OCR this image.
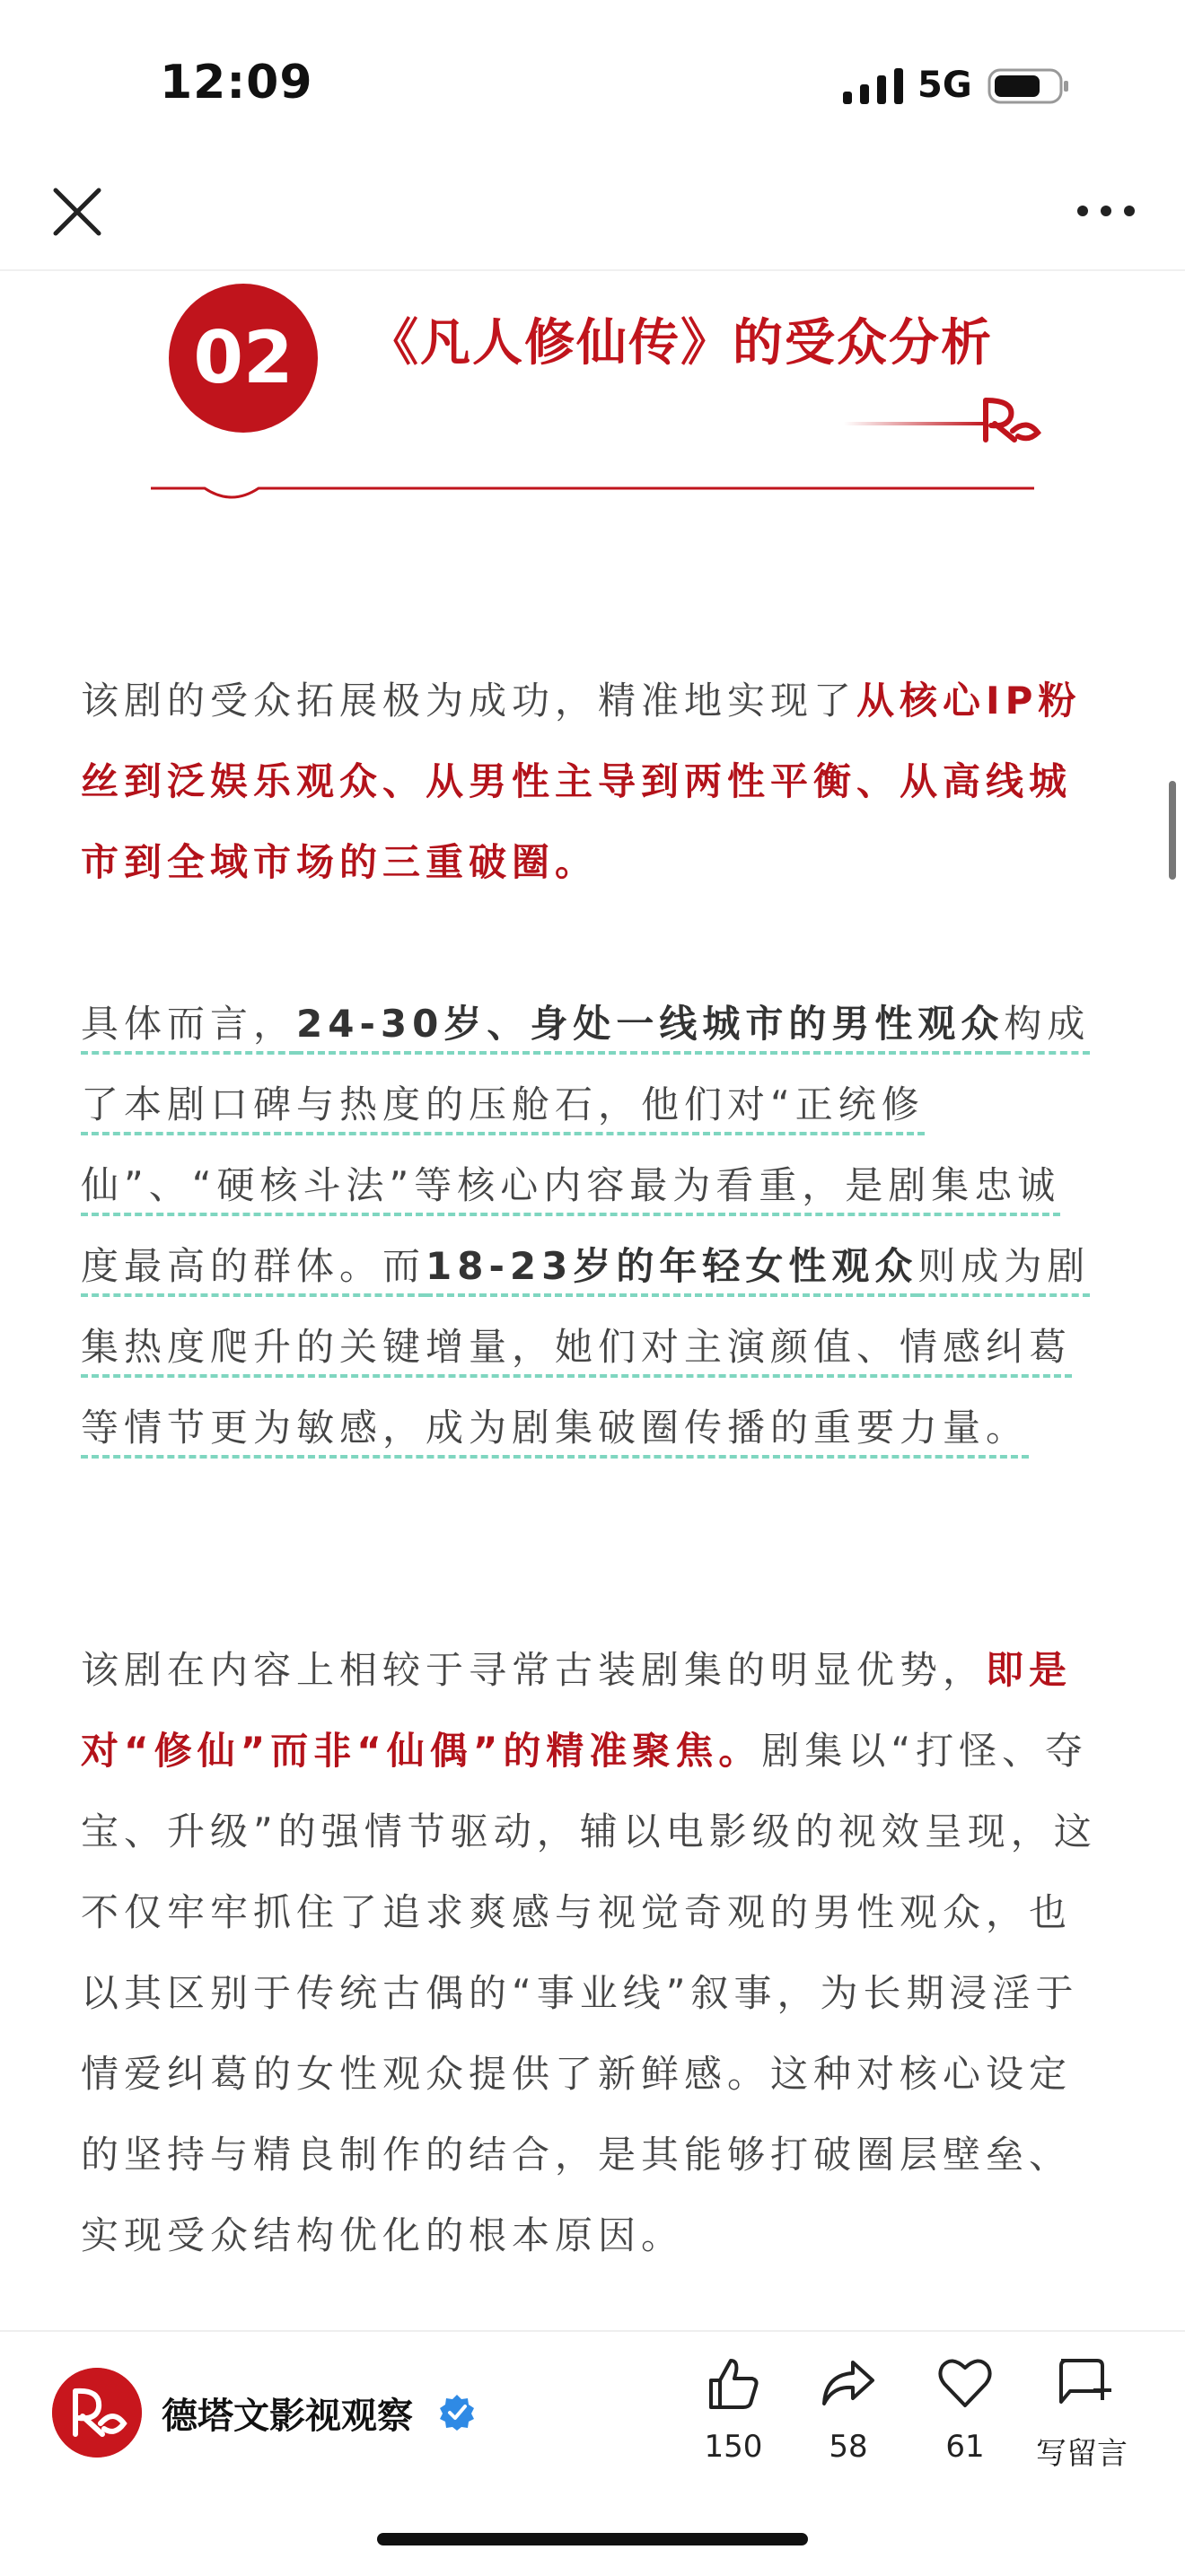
12:09	5G
02	《凡人修仙传》的受众分析
该剧的受众拓展极为成功，精准地实现了从核心IP粉丝到泛娱乐观众、从男性主导到两性平衡、从高线城市到全域市场的三重破圈。
具体而言，24-30岁、身处一线城市的男性观众构成了本剧口碑与热度的压舱石，他们对“正统修仙”、“硬核斗法”等核心内容最为看重，是剧集忠诚度最高的群体。而18-23岁的年轻女性观众则成为剧集热度爬升的关键增量，她们对主演颜值、情感纠葛等情节更为敏感，成为剧集破圈传播的重要力量。
该剧在内容上相较于寻常古装剧集的明显优势，即是对“修仙”而非“仙偶”的精准聚焦。剧集以“打怪、夺宝、升级”的强情节驱动，辅以电影级的视效呈现，这不仅牢牢抓住了追求爽感与视觉奇观的男性观众，也以其区别于传统古偶的“事业线”叙事，为长期浸淫于情爱纠葛的女性观众提供了新鲜感。这种对核心设定的坚持与精良制作的结合，是其能够打破圈层壁垒、实现受众结构优化的根本原因。
德塔文影视观察
150	58	61	写留言
